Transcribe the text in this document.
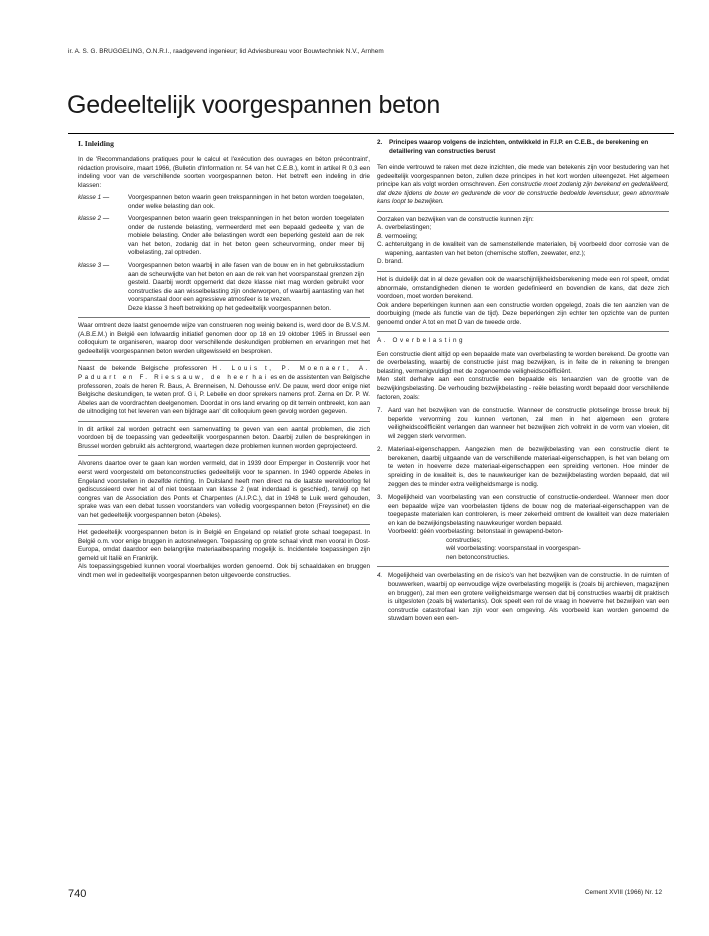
ir. A. S. G. BRUGGELING, O.N.R.I., raadgevend ingenieur; lid Adviesbureau voor Bouwtechniek N.V., Arnhem
Gedeeltelijk voorgespannen beton
I. Inleiding

In de 'Recommandations pratiques pour le calcul et l'exécution des ouvrages en béton précontraint', rédaction provisoire, maart 1966, (Bulletin d'Information nr. 54 van het C.E.B.), komt in artikel R 0,3 een indeling voor van de verschillende soorten voorgespannen beton. Het betreft een indeling in drie klassen:

klasse 1 —	Voorgespannen beton waarin geen trekspanningen in het beton worden toegelaten, onder welke belasting dan ook.
klasse 2 —	Voorgespannen beton waarin geen trekspanningen in het beton worden toegelaten onder de rustende belasting, vermeerderd met een bepaald gedeelte χ van de mobiele belasting. Onder alle belastingen wordt een beperking gesteld aan de rek van het beton, zodanig dat in het beton geen scheurvorming, onder meer bij volbelasting, zal optreden.
klasse 3 —	Voorgespannen beton waarbij in alle fasen van de bouw en in het gebruiksstadium aan de scheurwijdte van het beton en aan de rek van het voorspanstaal grenzen zijn gesteld. Daarbij wordt opgemerkt dat deze klasse niet mag worden gebruikt voor constructies die aan wisselbelasting zijn onderworpen, of waarbij aantasting van het voorspanstaal door een agressieve atmosfeer is te vrezen.
Deze klasse 3 heeft betrekking op het gedeeltelijk voorgespannen beton.

Waar omtrent deze laatst genoemde wijze van construeren nog weinig bekend is, werd door de B.V.S.M. (A.B.E.M.) in België een lofwaardig initiatief genomen door op 18 en 19 oktober 1965 in Brussel een colloquium te organiseren, waarop door verschillende deskundigen problemen en ervaringen met het gedeeltelijk voorgespannen beton werden uitgewisseld en besproken.

Naast de bekende Belgische professoren H. Louis t, P. Moenaert, A. Paduart en F. Riessauw, de heer hai es en de assistenten van Belgische professoren, zoals de heren R. Baus, A. Brenneisen, N. Dehousse enV. De pauw, werd door enige niet Belgische deskundigen, te weten prof. G i, P. Lebelle en door sprekers namens prof. Zerna en Dr. P. W. Abeles aan de voordrachten deelgenomen. Doordat in ons land ervaring op dit terrein ontbreekt, kon aan de uitnodiging tot het leveren van een bijdrage aan' dit colloquium geen gevolg worden gegeven.

In dit artikel zal worden getracht een samenvatting te geven van een aantal problemen, die zich voordoen bij de toepassing van gedeeltelijk voorgespannen beton. Daarbij zullen de besprekingen in Brussel worden gebruikt als achtergrond, waartegen deze problemen kunnen worden geprojecteerd.

Alvorens daartoe over te gaan kan worden vermeld, dat in 1939 door Emperger in Oostenrijk voor het eerst werd voorgesteld om betonconstructies gedeeltelijk voor te spannen. In 1940 opperde Abeles in Engeland voorstellen in dezelfde richting. In Duitsland heeft men direct na de laatste wereldoorlog fel gediscussieerd over het al of niet toestaan van klasse 2 (wat inderdaad is geschied), terwijl op het congres van de Association des Ponts et Charpentes (A.I.P.C.), dat in 1948 te Luik werd gehouden, sprake was van een debat tussen voorstanders van volledig voorgespannen beton (Freyssinet) en die van het gedeeltelijk voorgespannen beton (Abeles).

Het gedeeltelijk voorgespannen beton is in België en Engeland op relatief grote schaal toegepast. In België o.m. voor enige bruggen in autosnelwegen. Toepassing op grote schaal vindt men vooral in Oost-Europa, omdat daardoor een belangrijke materiaalbesparing mogelijk is. Incidentele toepassingen zijn gemeld uit Italië en Frankrijk.

Als toepassingsgebied kunnen vooral vloerbalkjes worden genoemd. Ook bij schaaldaken en bruggen vindt men wel in gedeeltelijk voorgespannen beton uitgevoerde constructies.

2.	Principes waarop volgens de inzichten, ontwikkeld in F.I.P. en C.E.B., de berekening en detaillering van constructies berust

Ten einde vertrouwd te raken met deze inzichten, die mede van betekenis zijn voor bestudering van het gedeeltelijk voorgespannen beton, zullen deze principes in het kort worden uiteengezet. Het algemeen principe kan als volgt worden omschreven. Een constructie moet zodanig zijn berekend en gedetailleerd, dat deze tijdens de bouw en gedurende de voor de constructie bedoelde levensduur, geen abnormale kans loopt te bezwijken.

Oorzaken van bezwijken van de constructie kunnen zijn:

A. overbelastingen;
B. vermoeiing;
C. achteruitgang in de kwaliteit van de samenstellende materialen, bij voorbeeld door corrosie van de wapening, aantasten van het beton (chemische stoffen, zeewater, enz.);
D. brand.

Het is duidelijk dat in al deze gevallen ook de waarschijnlijkheidsberekening mede een rol speelt, omdat abnormale, omstandigheden dienen te worden gedefinieerd en bovendien de kans, dat deze zich voordoen, moet worden berekend.

Ook andere beperkingen kunnen aan een constructie worden opgelegd, zoals die ten aanzien van de doorbuiging (mede als functie van de tijd). Deze beperkingen zijn echter ten opzichte van de punten genoemd onder A tot en met D van de tweede orde.

A. Overbelasting

Een constructie dient altijd op een bepaalde mate van overbelasting te worden berekend. De grootte van de overbelasting, waarbij de constructie juist mag bezwijken, is in feite de in rekening te brengen belasting, vermenigvuldigd met de zogenoemde veiligheidscoëfficiënt.

Men stelt derhalve aan een constructie een bepaalde eis tenaanzien van de grootte van de bezwijkingsbelasting. De verhouding bezwijkbelasting - reële belasting wordt bepaald door verschillende factoren, zoals:

7. Aard van het bezwijken van de constructie. Wanneer de constructie plotselinge brosse breuk bij beperkte vervorming zou kunnen vertonen, zal men in het algemeen een grotere veiligheidscoëfficiënt verlangen dan wanneer het bezwijken zich voltrekt in de vorm van vloeien, dit wil zeggen sterk vervormen.
2. Materiaal-eigenschappen. Aangezien men de bezwijkbelasting van een constructie dient te berekenen, daarbij uitgaande van de verschillende materiaal-eigenschappen, is het van belang om te weten in hoeverre deze materiaal-eigenschappen een spreiding vertonen. Hoe minder de spreiding in de kwaliteit is, des te nauwkeuriger kan de bezwijkbelasting worden bepaald, dat wil zeggen des te minder extra veiligheidsmarge is nodig.
3. Mogelijkheid van voorbelasting van een constructie of constructie-onderdeel. Wanneer men door een bepaalde wijze van voorbelasten tijdens de bouw nog de materiaal-eigenschappen van de toegepaste materialen kan controleren, is meer zekerheid omtrent de kwaliteit van deze materialen en kan de bezwijkingsbelasting nauwkeuriger worden bepaald.
Voorbeeld: géén voorbelasting: betonstaal in gewapend-beton-
constructies;
wèl voorbelasting: voorspanstaal in voorgespan-
nen betonconstructies.
4. Mogelijkheid van overbelasting en de risico's van het bezwijken van de constructie. In de ruimten of bouwwerken, waarbij op eenvoudige wijze overbelasting mogelijk is (zoals bij archieven, magazijnen en bruggen), zal men een grotere veiligheidsmarge wensen dat bij constructies waarbij dit praktisch is uitgesloten (zoals bij watertanks). Ook speelt een rol de vraag in hoeverre het bezwijken van een constructie catastrofaal kan zijn voor een omgeving. Als voorbeeld kan worden genoemd de stuwdam boven een een-
740	Cement XVIII (1966) Nr. 12
